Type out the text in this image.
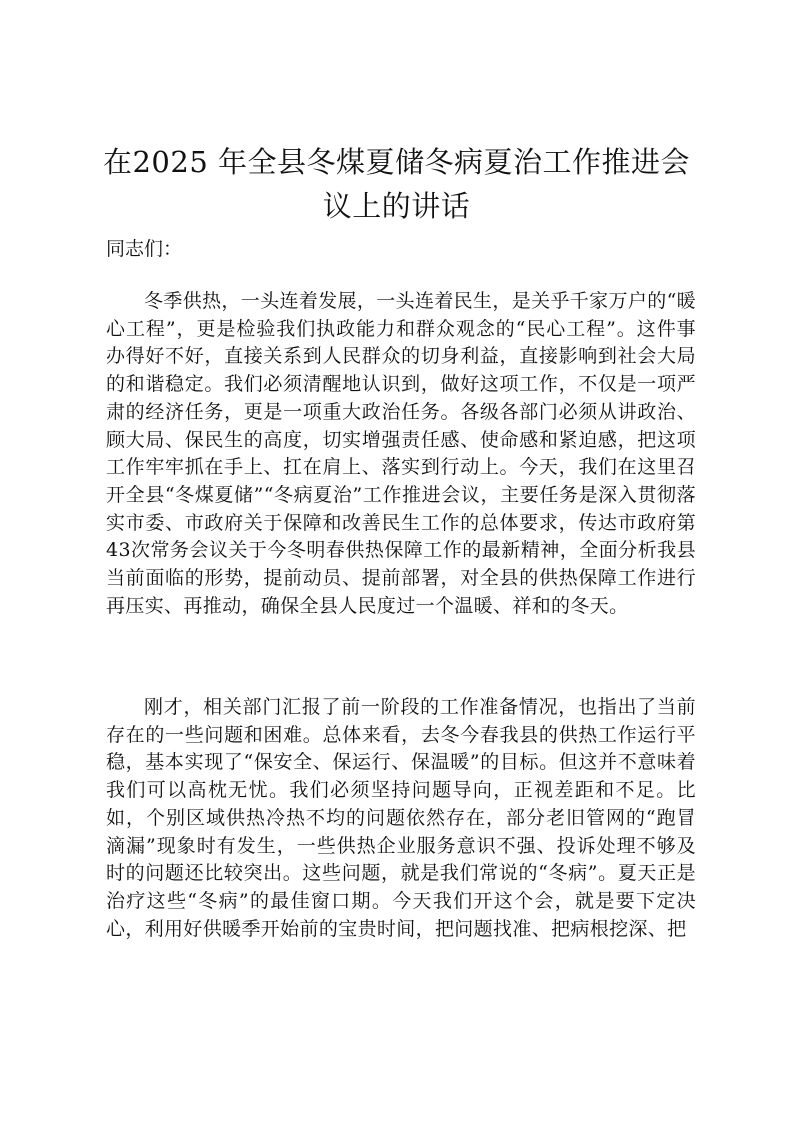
在2025 年全县冬煤夏储冬病夏治工作推进会议上的讲话

同志们：

冬季供热，一头连着发展，一头连着民生，是关乎千家万户的“暖心工程”，更是检验我们执政能力和群众观念的“民心工程”。这件事办得好不好，直接关系到人民群众的切身利益，直接影响到社会大局的和谐稳定。我们必须清醒地认识到，做好这项工作，不仅是一项严肃的经济任务，更是一项重大政治任务。各级各部门必须从讲政治、顾大局、保民生的高度，切实增强责任感、使命感和紧迫感，把这项工作牢牢抓在手上、扛在肩上、落实到行动上。今天，我们在这里召开全县“冬煤夏储”“冬病夏治”工作推进会议，主要任务是深入贯彻落实市委、市政府关于保障和改善民生工作的总体要求，传达市政府第43次常务会议关于今冬明春供热保障工作的最新精神，全面分析我县当前面临的形势，提前动员、提前部署，对全县的供热保障工作进行再压实、再推动，确保全县人民度过一个温暖、祥和的冬天。

刚才，相关部门汇报了前一阶段的工作准备情况，也指出了当前存在的一些问题和困难。总体来看，去冬今春我县的供热工作运行平稳，基本实现了“保安全、保运行、保温暖”的目标。但这并不意味着我们可以高枕无忧。我们必须坚持问题导向，正视差距和不足。比如，个别区域供热冷热不均的问题依然存在，部分老旧管网的“跑冒滴漏”现象时有发生，一些供热企业服务意识不强、投诉处理不够及时的问题还比较突出。这些问题，就是我们常说的“冬病”。夏天正是治疗这些“冬病”的最佳窗口期。今天我们开这个会，就是要下定决心，利用好供暖季开始前的宝贵时间，把问题找准、把病根挖深、把
